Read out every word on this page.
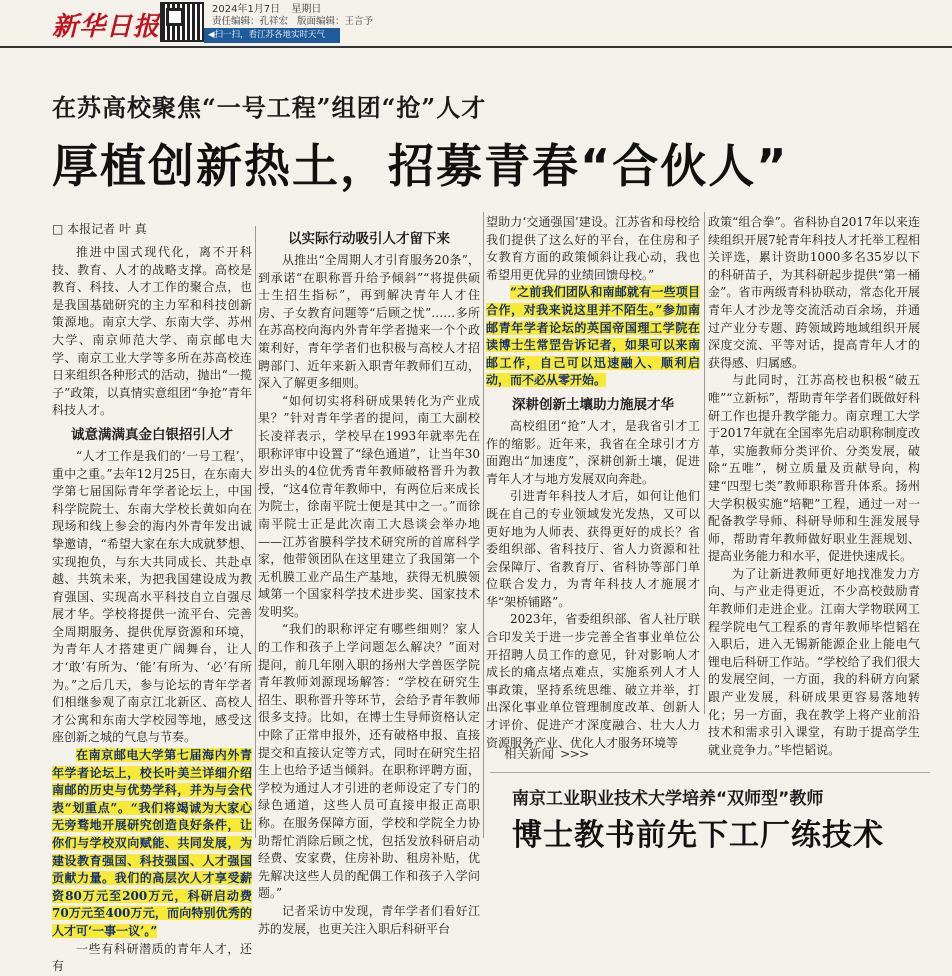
新华日报
2024年1月7日 星期日
责任编辑：孔祥宏 版面编辑：王言予
◀扫一扫，看江苏各地实时天气
在苏高校聚焦“一号工程”组团“抢”人才
厚植创新热土，招募青春“合伙人”
□ 本报记者 叶 真

推进中国式现代化，离不开科技、教育、人才的战略支撑。高校是教育、科技、人才工作的聚合点，也是我国基础研究的主力军和科技创新策源地。南京大学、东南大学、苏州大学、南京师范大学、南京邮电大学、南京工业大学等多所在苏高校连日来组织各种形式的活动，抛出“一揽子”政策，以真情实意组团“争抢”青年科技人才。

诚意满满真金白银招引人才

“人才工作是我们的‘一号工程’，重中之重。”去年12月25日，在东南大学第七届国际青年学者论坛上，中国科学院院士、东南大学校长黄如向在现场和线上参会的海内外青年发出诚挚邀请，“希望大家在东大成就梦想、实现抱负，与东大共同成长、共赴卓越、共筑未来，为把我国建设成为教育强国、实现高水平科技自立自强尽展才华。学校将提供一流平台、完善全周期服务、提供优厚资源和环境，为青年人才搭建更广阔舞台，让人才‘敢’有所为、‘能’有所为、‘必’有所为。”之后几天，参与论坛的青年学者们相继参观了南京江北新区、高校人才公寓和东南大学校园等地，感受这座创新之城的气息与节奏。

在南京邮电大学第七届海内外青年学者论坛上，校长叶美兰详细介绍南邮的历史与优势学科，并为与会代表“划重点”。“我们将竭诚为大家心无旁骛地开展研究创造良好条件，让你们与学校双向赋能、共同发展，为建设教育强国、科技强国、人才强国贡献力量。我们的高层次人才享受薪资80万元至200万元，科研启动费70万元至400万元，而向特别优秀的人才可‘一事一议’。”

一些有科研潜质的青年人才，还有

以实际行动吸引人才留下来

从推出“全周期人才引育服务20条”，到承诺“在职称晋升给予倾斜”“将提供硕士生招生指标”，再到解决青年人才住房、子女教育问题等“后顾之忧”……多所在苏高校向海内外青年学者抛来一个个政策利好，青年学者们也积极与高校人才招聘部门、近年来新入职青年教师们互动，深入了解更多细则。

“如何切实将科研成果转化为产业成果？”针对青年学者的提问，南工大副校长凌祥表示，学校早在1993年就率先在职称评审中设置了“绿色通道”，让当年30岁出头的4位优秀青年教师破格晋升为教授，“这4位青年教师中，有两位后来成长为院士，徐南平院士便是其中之一。”而徐南平院士正是此次南工大恳谈会举办地——江苏省膜科学技术研究所的首席科学家，他带领团队在这里建立了我国第一个无机膜工业产品生产基地，获得无机膜领域第一个国家科学技术进步奖、国家技术发明奖。

“我们的职称评定有哪些细则？家人的工作和孩子上学问题怎么解决？”面对提问，前几年刚入职的扬州大学兽医学院青年教师刘源现场解答：“学校在研究生招生、职称晋升等环节，会给予青年教师很多支持。比如，在博士生导师资格认定中除了正常申报外，还有破格申报、直接提交和直接认定等方式，同时在研究生招生上也给予适当倾斜。在职称评聘方面，学校为通过人才引进的老师设定了专门的绿色通道，这些人员可直接申报正高职称。在服务保障方面，学校和学院全力协助帮忙消除后顾之忧，包括发放科研启动经费、安家费，住房补助、租房补贴，优先解决这些人员的配偶工作和孩子入学问题。”

记者采访中发现，青年学者们看好江苏的发展，也更关注入职后科研平台

望助力‘交通强国’建设。江苏省和母校给我们提供了这么好的平台，在住房和子女教育方面的政策倾斜让我心动，我也希望用更优异的业绩回馈母校。”

“之前我们团队和南邮就有一些项目合作，对我来说这里并不陌生。”参加南邮青年学者论坛的英国帝国理工学院在读博士生常罡告诉记者，如果可以来南邮工作，自己可以迅速融入、顺利启动，而不必从零开始。

深耕创新土壤助力施展才华

高校组团“抢”人才，是我省引才工作的缩影。近年来，我省在全球引才方面跑出“加速度”，深耕创新土壤，促进青年人才与地方发展双向奔赴。

引进青年科技人才后，如何让他们既在自己的专业领域发光发热，又可以更好地为人师表、获得更好的成长？省委组织部、省科技厅、省人力资源和社会保障厅、省教育厅、省科协等部门单位联合发力，为青年科技人才施展才华“架桥铺路”。

2023年，省委组织部、省人社厅联合印发关于进一步完善全省事业单位公开招聘人员工作的意见，针对影响人才成长的痛点堵点难点，实施系列人才人事政策，坚持系统思维、破立并举，打出深化事业单位管理制度改革、创新人才评价、促进产才深度融合、壮大人力资源服务产业、优化人才服务环境等

政策“组合拳”。省科协自2017年以来连续组织开展7轮青年科技人才托举工程相关评选，累计资助1000多名35岁以下的科研苗子，为其科研起步提供“第一桶金”。省市两级青科协联动，常态化开展青年人才沙龙等交流活动百余场，并通过产业分专题、跨领域跨地域组织开展深度交流、平等对话，提高青年人才的获得感、归属感。

与此同时，江苏高校也积极“破五唯”“立新标”，帮助青年学者们既做好科研工作也提升教学能力。南京理工大学于2017年就在全国率先启动职称制度改革，实施教师分类评价、分类发展，破除“五唯”，树立质量及贡献导向，构建“四型七类”教师职称晋升体系。扬州大学积极实施“培靶”工程，通过一对一配备教学导师、科研导师和生涯发展导师，帮助青年教师做好职业生涯规划、提高业务能力和水平，促进快速成长。

为了让新进教师更好地找准发力方向、与产业走得更近，不少高校鼓励青年教师们走进企业。江南大学物联网工程学院电气工程系的青年教师毕恺韬在入职后，进入无锡新能源企业上能电气锂电后科研工作站。“学校给了我们很大的发展空间，一方面，我的科研方向紧跟产业发展，科研成果更容易落地转化；另一方面，我在教学上将产业前沿技术和需求引入课堂，有助于提高学生就业竞争力。”毕恺韬说。

相关新闻 >>>
南京工业职业技术大学培养“双师型”教师
博士教书前先下工厂练技术
